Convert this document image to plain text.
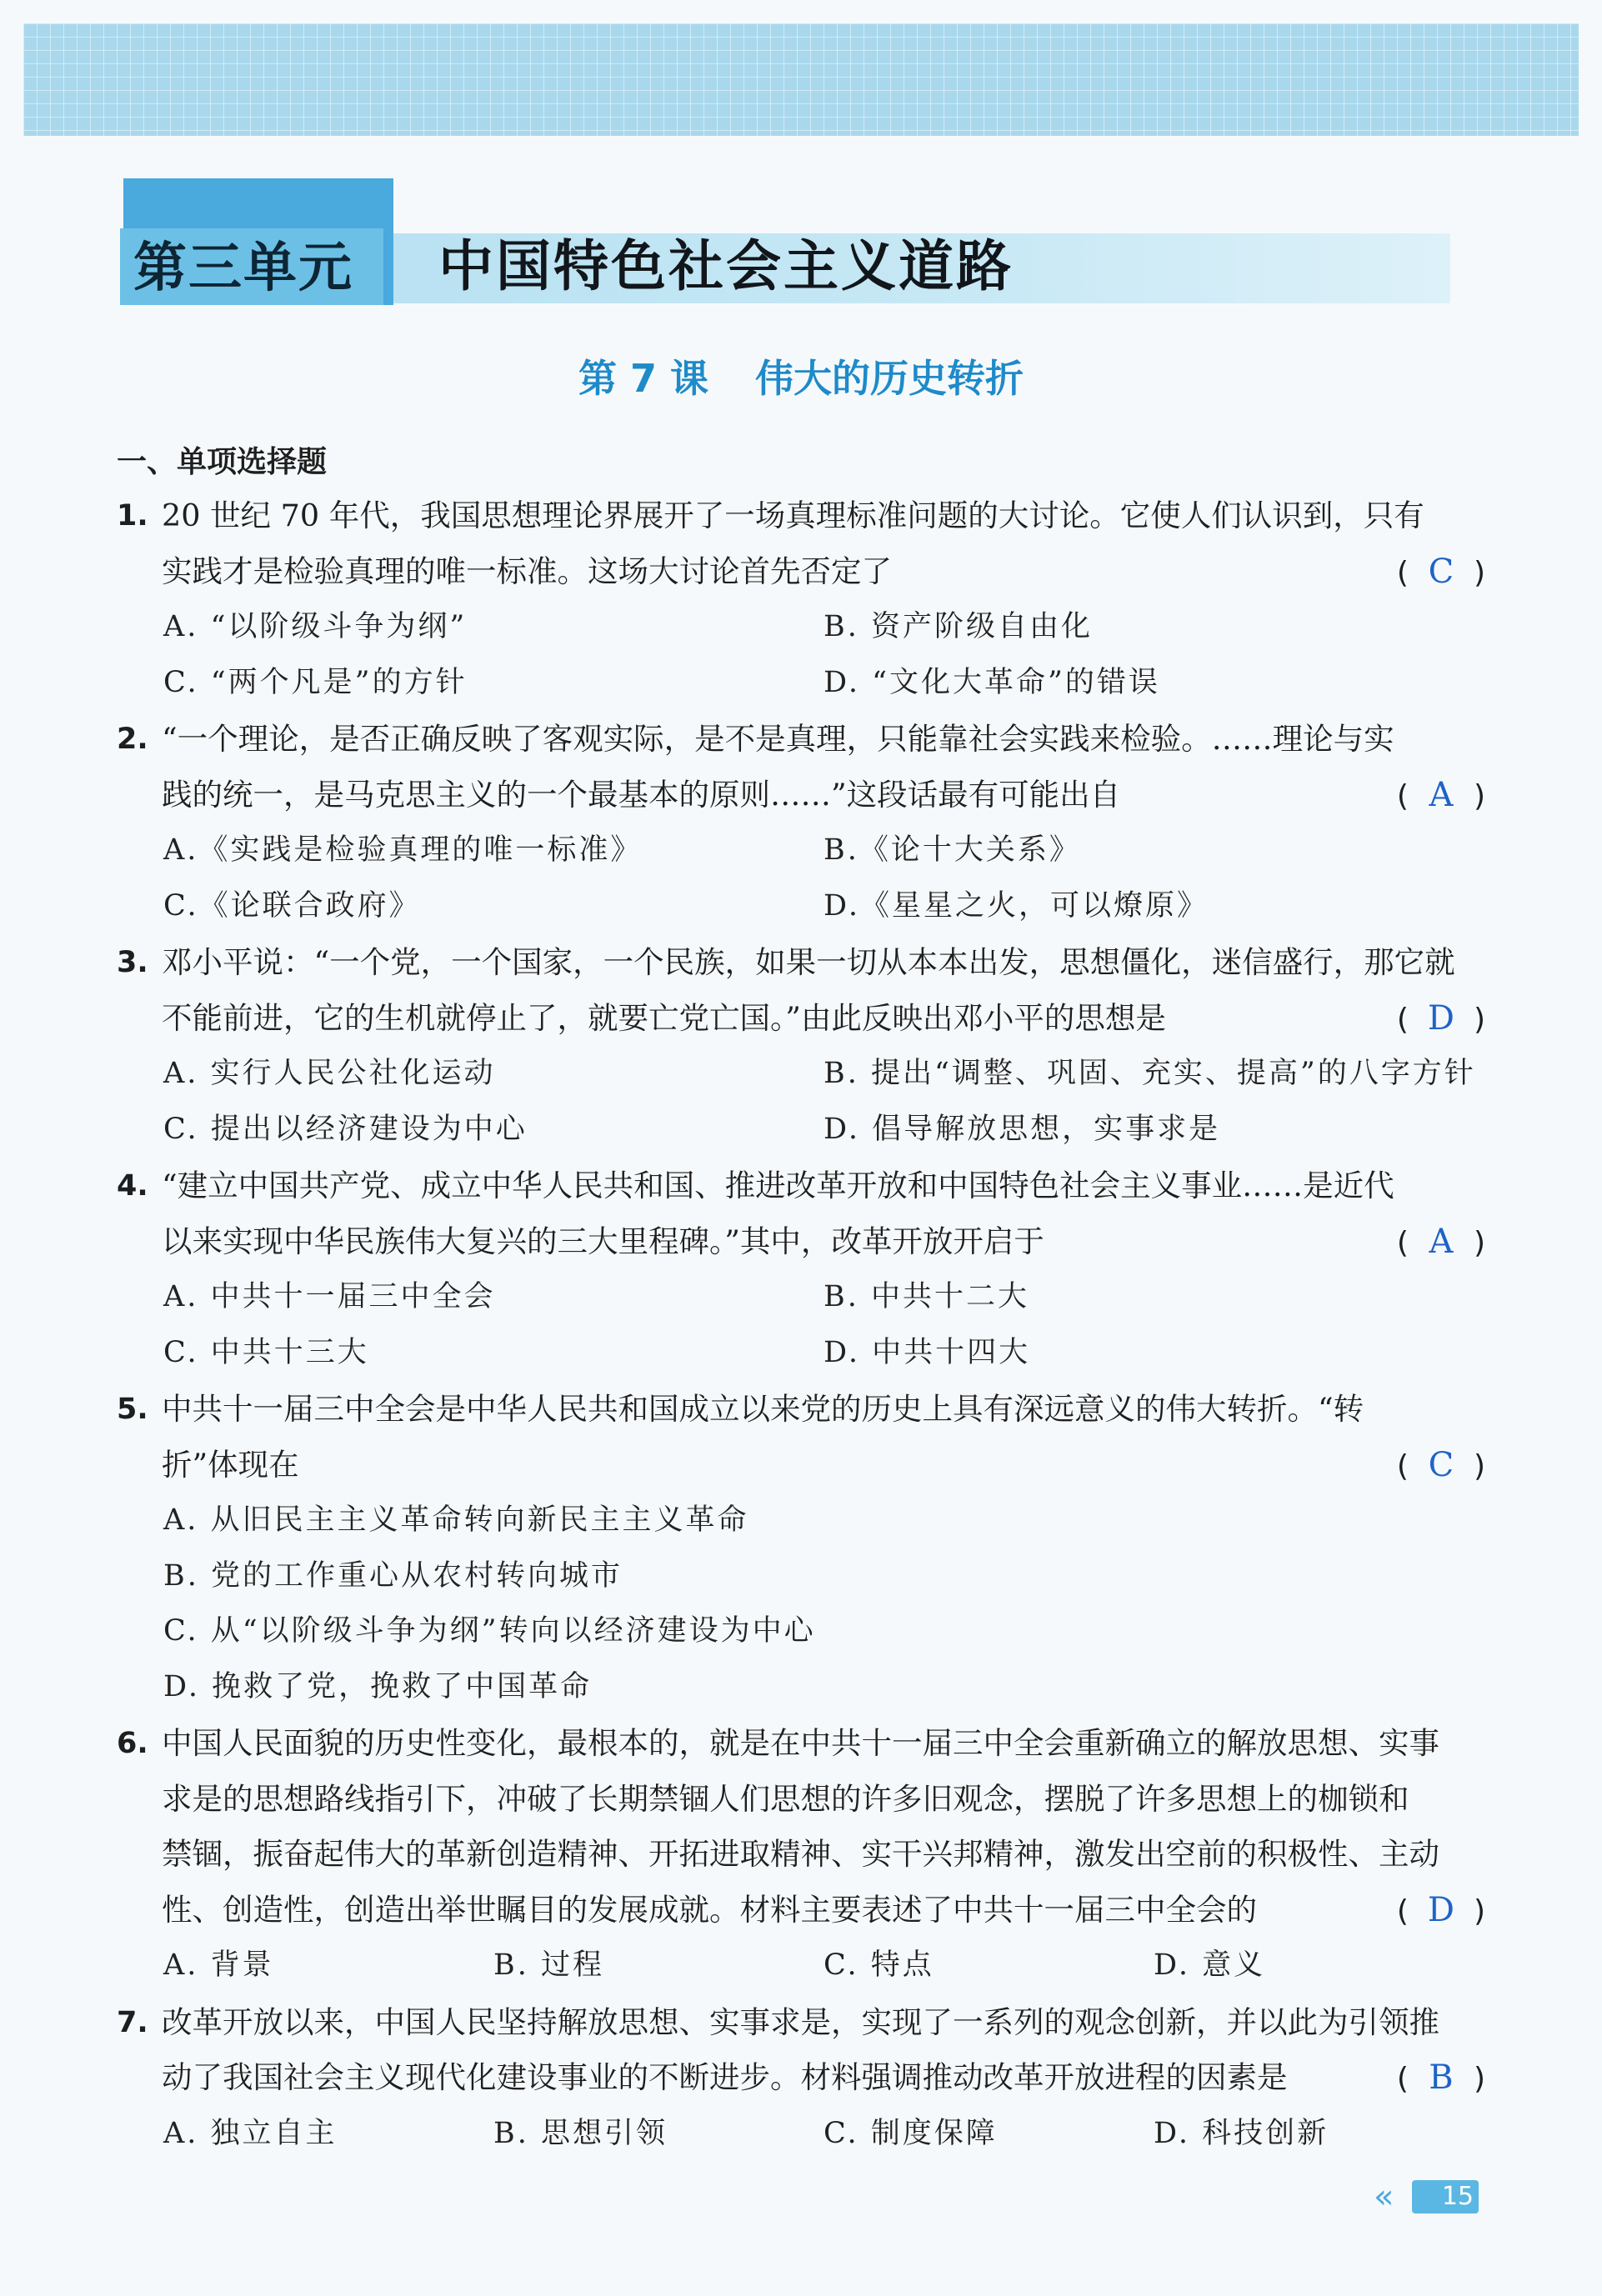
第三单元 中国特色社会主义道路
第 7 课 伟大的历史转折
一、单项选择题
1. 20 世纪 70 年代，我国思想理论界展开了一场真理标准问题的大讨论。它使人们认识到，只有
实践才是检验真理的唯一标准。这场大讨论首先否定了	( C )
A. “以阶级斗争为纲”	B. 资产阶级自由化
C. “两个凡是”的方针	D. “文化大革命”的错误
2. “一个理论，是否正确反映了客观实际，是不是真理，只能靠社会实践来检验。……理论与实
践的统一，是马克思主义的一个最基本的原则……”这段话最有可能出自	( A )
A.《实践是检验真理的唯一标准》	B.《论十大关系》
C.《论联合政府》	D.《星星之火，可以燎原》
3. 邓小平说：“一个党，一个国家，一个民族，如果一切从本本出发，思想僵化，迷信盛行，那它就
不能前进，它的生机就停止了，就要亡党亡国。”由此反映出邓小平的思想是	( D )
A. 实行人民公社化运动	B. 提出“调整、巩固、充实、提高”的八字方针
C. 提出以经济建设为中心	D. 倡导解放思想，实事求是
4. “建立中国共产党、成立中华人民共和国、推进改革开放和中国特色社会主义事业……是近代
以来实现中华民族伟大复兴的三大里程碑。”其中，改革开放开启于	( A )
A. 中共十一届三中全会	B. 中共十二大
C. 中共十三大	D. 中共十四大
5. 中共十一届三中全会是中华人民共和国成立以来党的历史上具有深远意义的伟大转折。“转
折”体现在	( C )
A. 从旧民主主义革命转向新民主主义革命
B. 党的工作重心从农村转向城市
C. 从“以阶级斗争为纲”转向以经济建设为中心
D. 挽救了党，挽救了中国革命
6. 中国人民面貌的历史性变化，最根本的，就是在中共十一届三中全会重新确立的解放思想、实事
求是的思想路线指引下，冲破了长期禁锢人们思想的许多旧观念，摆脱了许多思想上的枷锁和
禁锢，振奋起伟大的革新创造精神、开拓进取精神、实干兴邦精神，激发出空前的积极性、主动
性、创造性，创造出举世瞩目的发展成就。材料主要表述了中共十一届三中全会的	( D )
A. 背景	B. 过程	C. 特点	D. 意义
7. 改革开放以来，中国人民坚持解放思想、实事求是，实现了一系列的观念创新，并以此为引领推
动了我国社会主义现代化建设事业的不断进步。材料强调推动改革开放进程的因素是	( B )
A. 独立自主	B. 思想引领	C. 制度保障	D. 科技创新
«	15
